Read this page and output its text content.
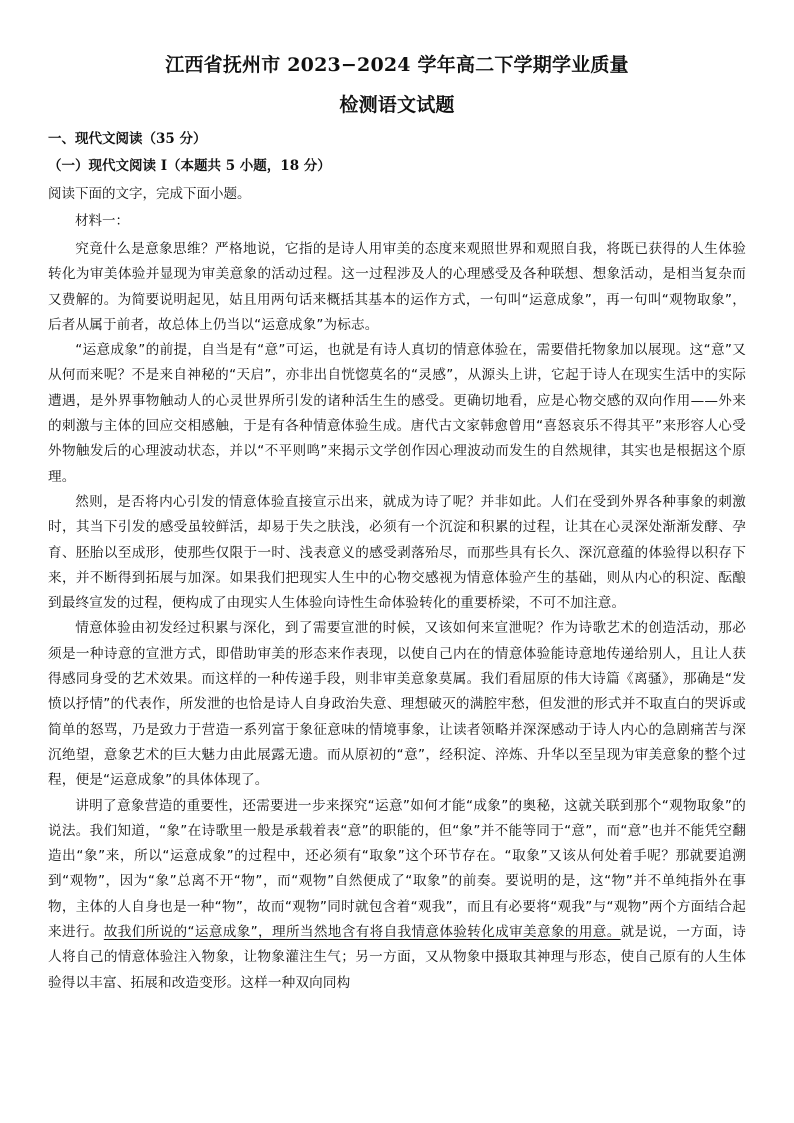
江西省抚州市 2023−2024 学年高二下学期学业质量
检测语文试题
一、现代文阅读（35 分）
（一）现代文阅读 I（本题共 5 小题，18 分）
阅读下面的文字，完成下面小题。
材料一：

究竟什么是意象思维？严格地说，它指的是诗人用审美的态度来观照世界和观照自我，将既已获得的人生体验转化为审美体验并显现为审美意象的活动过程。这一过程涉及人的心理感受及各种联想、想象活动，是相当复杂而又费解的。为简要说明起见，姑且用两句话来概括其基本的运作方式，一句叫“运意成象”，再一句叫“观物取象”，后者从属于前者，故总体上仍当以“运意成象”为标志。

“运意成象”的前提，自当是有“意”可运，也就是有诗人真切的情意体验在，需要借托物象加以展现。这“意”又从何而来呢？不是来自神秘的“天启”，亦非出自恍惚莫名的“灵感”，从源头上讲，它起于诗人在现实生活中的实际遭遇，是外界事物触动人的心灵世界所引发的诸种活生生的感受。更确切地看，应是心物交感的双向作用——外来的刺激与主体的回应交相感触，于是有各种情意体验生成。唐代古文家韩愈曾用“喜怒哀乐不得其平”来形容人心受外物触发后的心理波动状态，并以“不平则鸣”来揭示文学创作因心理波动而发生的自然规律，其实也是根据这个原理。

然则，是否将内心引发的情意体验直接宣示出来，就成为诗了呢？并非如此。人们在受到外界各种事象的刺激时，其当下引发的感受虽较鲜活，却易于失之肤浅，必须有一个沉淀和积累的过程，让其在心灵深处渐渐发酵、孕育、胚胎以至成形，使那些仅限于一时、浅表意义的感受剥落殆尽，而那些具有长久、深沉意蕴的体验得以积存下来，并不断得到拓展与加深。如果我们把现实人生中的心物交感视为情意体验产生的基础，则从内心的积淀、酝酿到最终宣发的过程，便构成了由现实人生体验向诗性生命体验转化的重要桥梁，不可不加注意。

情意体验由初发经过积累与深化，到了需要宣泄的时候，又该如何来宣泄呢？作为诗歌艺术的创造活动，那必须是一种诗意的宣泄方式，即借助审美的形态来作表现，以使自己内在的情意体验能诗意地传递给别人，且让人获得感同身受的艺术效果。而这样的一种传递手段，则非审美意象莫属。我们看屈原的伟大诗篇《离骚》，那确是“发愤以抒情”的代表作，所发泄的也恰是诗人自身政治失意、理想破灭的满腔牢愁，但发泄的形式并不取直白的哭诉或简单的怒骂，乃是致力于营造一系列富于象征意味的情境事象，让读者领略并深深感动于诗人内心的急剧痛苦与深沉绝望，意象艺术的巨大魅力由此展露无遗。而从原初的“意”，经积淀、淬炼、升华以至呈现为审美意象的整个过程，便是“运意成象”的具体体现了。

讲明了意象营造的重要性，还需要进一步来探究“运意”如何才能“成象”的奥秘，这就关联到那个“观物取象”的说法。我们知道，“象”在诗歌里一般是承载着表“意”的职能的，但“象”并不能等同于“意”，而“意”也并不能凭空翻造出“象”来，所以“运意成象”的过程中，还必须有“取象”这个环节存在。“取象”又该从何处着手呢？那就要追溯到“观物”，因为“象”总离不开“物”，而“观物”自然便成了“取象”的前奏。要说明的是，这“物”并不单纯指外在事物，主体的人自身也是一种“物”，故而“观物”同时就包含着“观我”，而且有必要将“观我”与“观物”两个方面结合起来进行。故我们所说的“运意成象”，理所当然地含有将自我情意体验转化成审美意象的用意。就是说，一方面，诗人将自己的情意体验注入物象，让物象灌注生气；另一方面，又从物象中摄取其神理与形态，使自己原有的人生体验得以丰富、拓展和改造变形。这样一种双向同构
